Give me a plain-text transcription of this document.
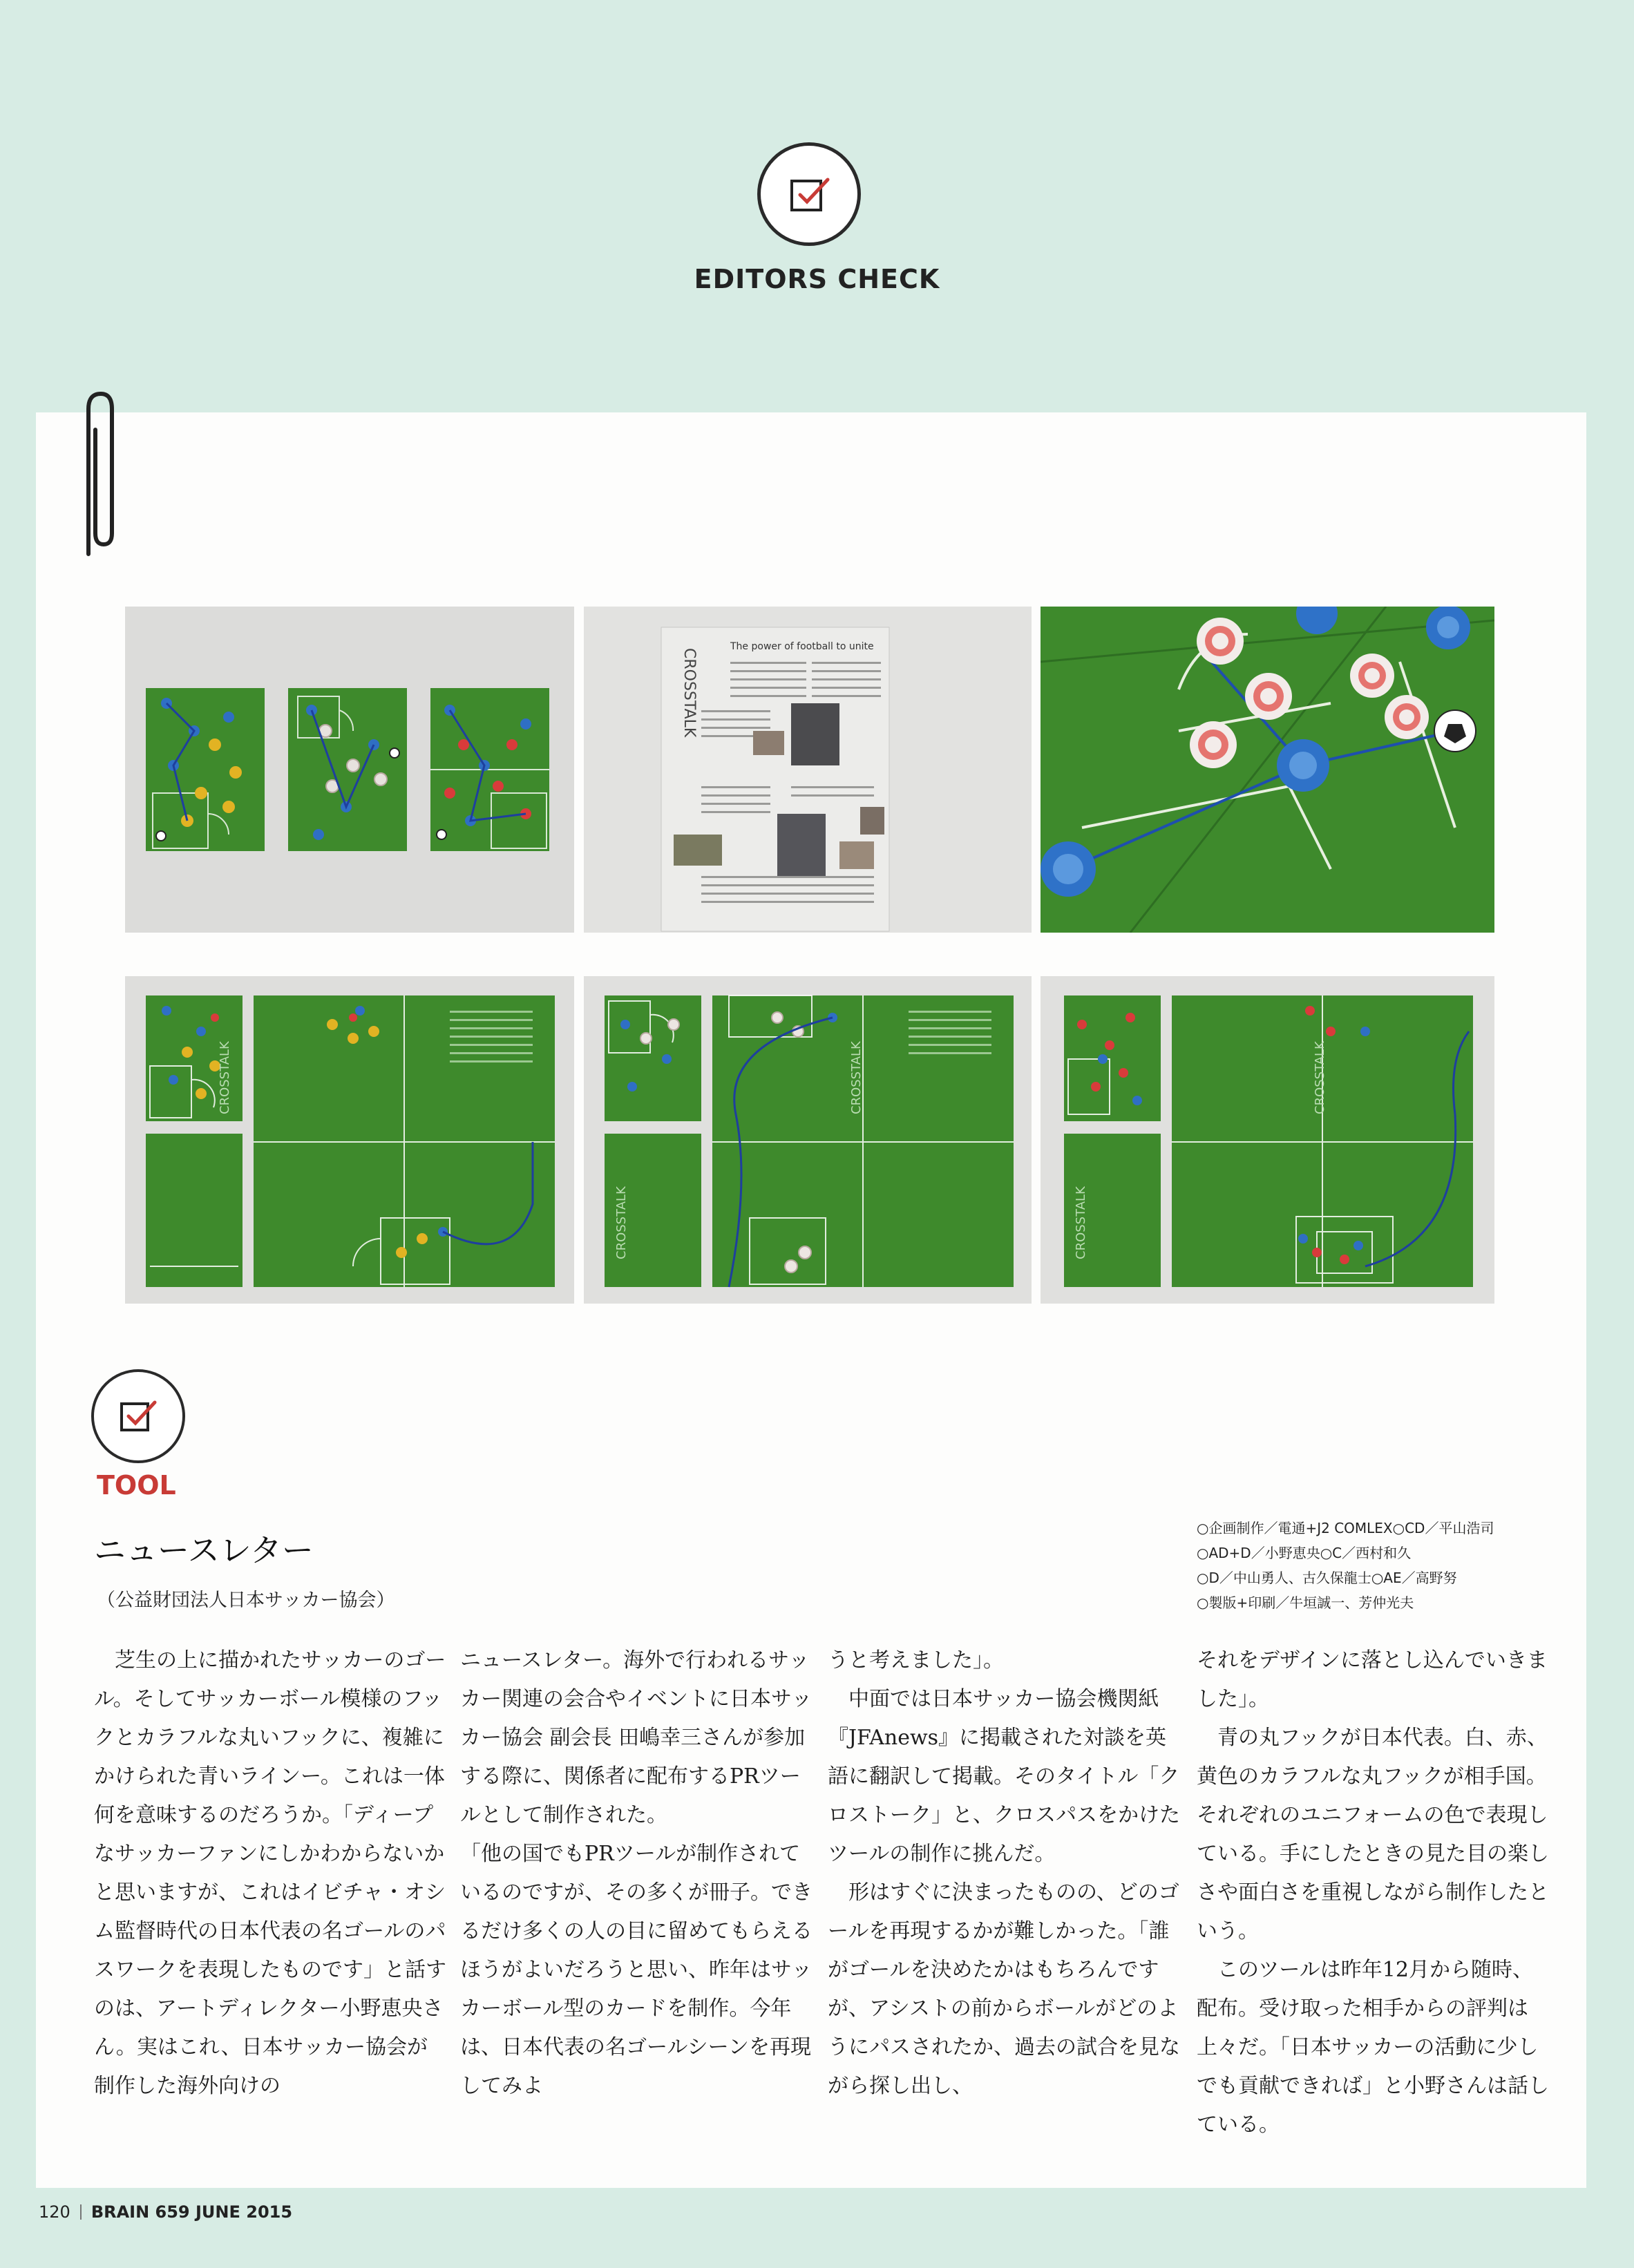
EDITORS CHECK
CROSSTALK
The power of football to unite
CROSSTALK	CROSSTALK
CROSSTALK
CROSSTALK
CROSSTALK
TOOL
ニュースレター
（公益財団法人日本サッカー協会）
○企画制作／電通+J2 COMLEX○CD／平山浩司
○AD+D／小野恵央○C／西村和久
○D／中山勇人、古久保龍士○AE／高野努
○製版+印刷／牛垣誠一、芳仲光夫
　芝生の上に描かれたサッカーのゴール。そしてサッカーボール模様のフックとカラフルな丸いフックに、複雑にかけられた青いラインー。これは一体何を意味するのだろうか。「ディープなサッカーファンにしかわからないかと思いますが、これはイビチャ・オシム監督時代の日本代表の名ゴールのパスワークを表現したものです」と話すのは、アートディレクター小野恵央さん。実はこれ、日本サッカー協会が制作した海外向けの
ニュースレター。海外で行われるサッカー関連の会合やイベントに日本サッカー協会 副会長 田嶋幸三さんが参加する際に、関係者に配布するPRツールとして制作された。
「他の国でもPRツールが制作されているのですが、その多くが冊子。できるだけ多くの人の目に留めてもらえるほうがよいだろうと思い、昨年はサッカーボール型のカードを制作。今年は、日本代表の名ゴールシーンを再現してみよ
うと考えました」。
　中面では日本サッカー協会機関紙『JFAnews』に掲載された対談を英語に翻訳して掲載。そのタイトル「クロストーク」と、クロスパスをかけたツールの制作に挑んだ。
　形はすぐに決まったものの、どのゴールを再現するかが難しかった。「誰がゴールを決めたかはもちろんですが、アシストの前からボールがどのようにパスされたか、過去の試合を見ながら探し出し、
それをデザインに落とし込んでいきました」。
　青の丸フックが日本代表。白、赤、黄色のカラフルな丸フックが相手国。それぞれのユニフォームの色で表現している。手にしたときの見た目の楽しさや面白さを重視しながら制作したという。
　このツールは昨年12月から随時、配布。受け取った相手からの評判は上々だ。「日本サッカーの活動に少しでも貢献できれば」と小野さんは話している。
120 BRAIN 659 JUNE 2015
